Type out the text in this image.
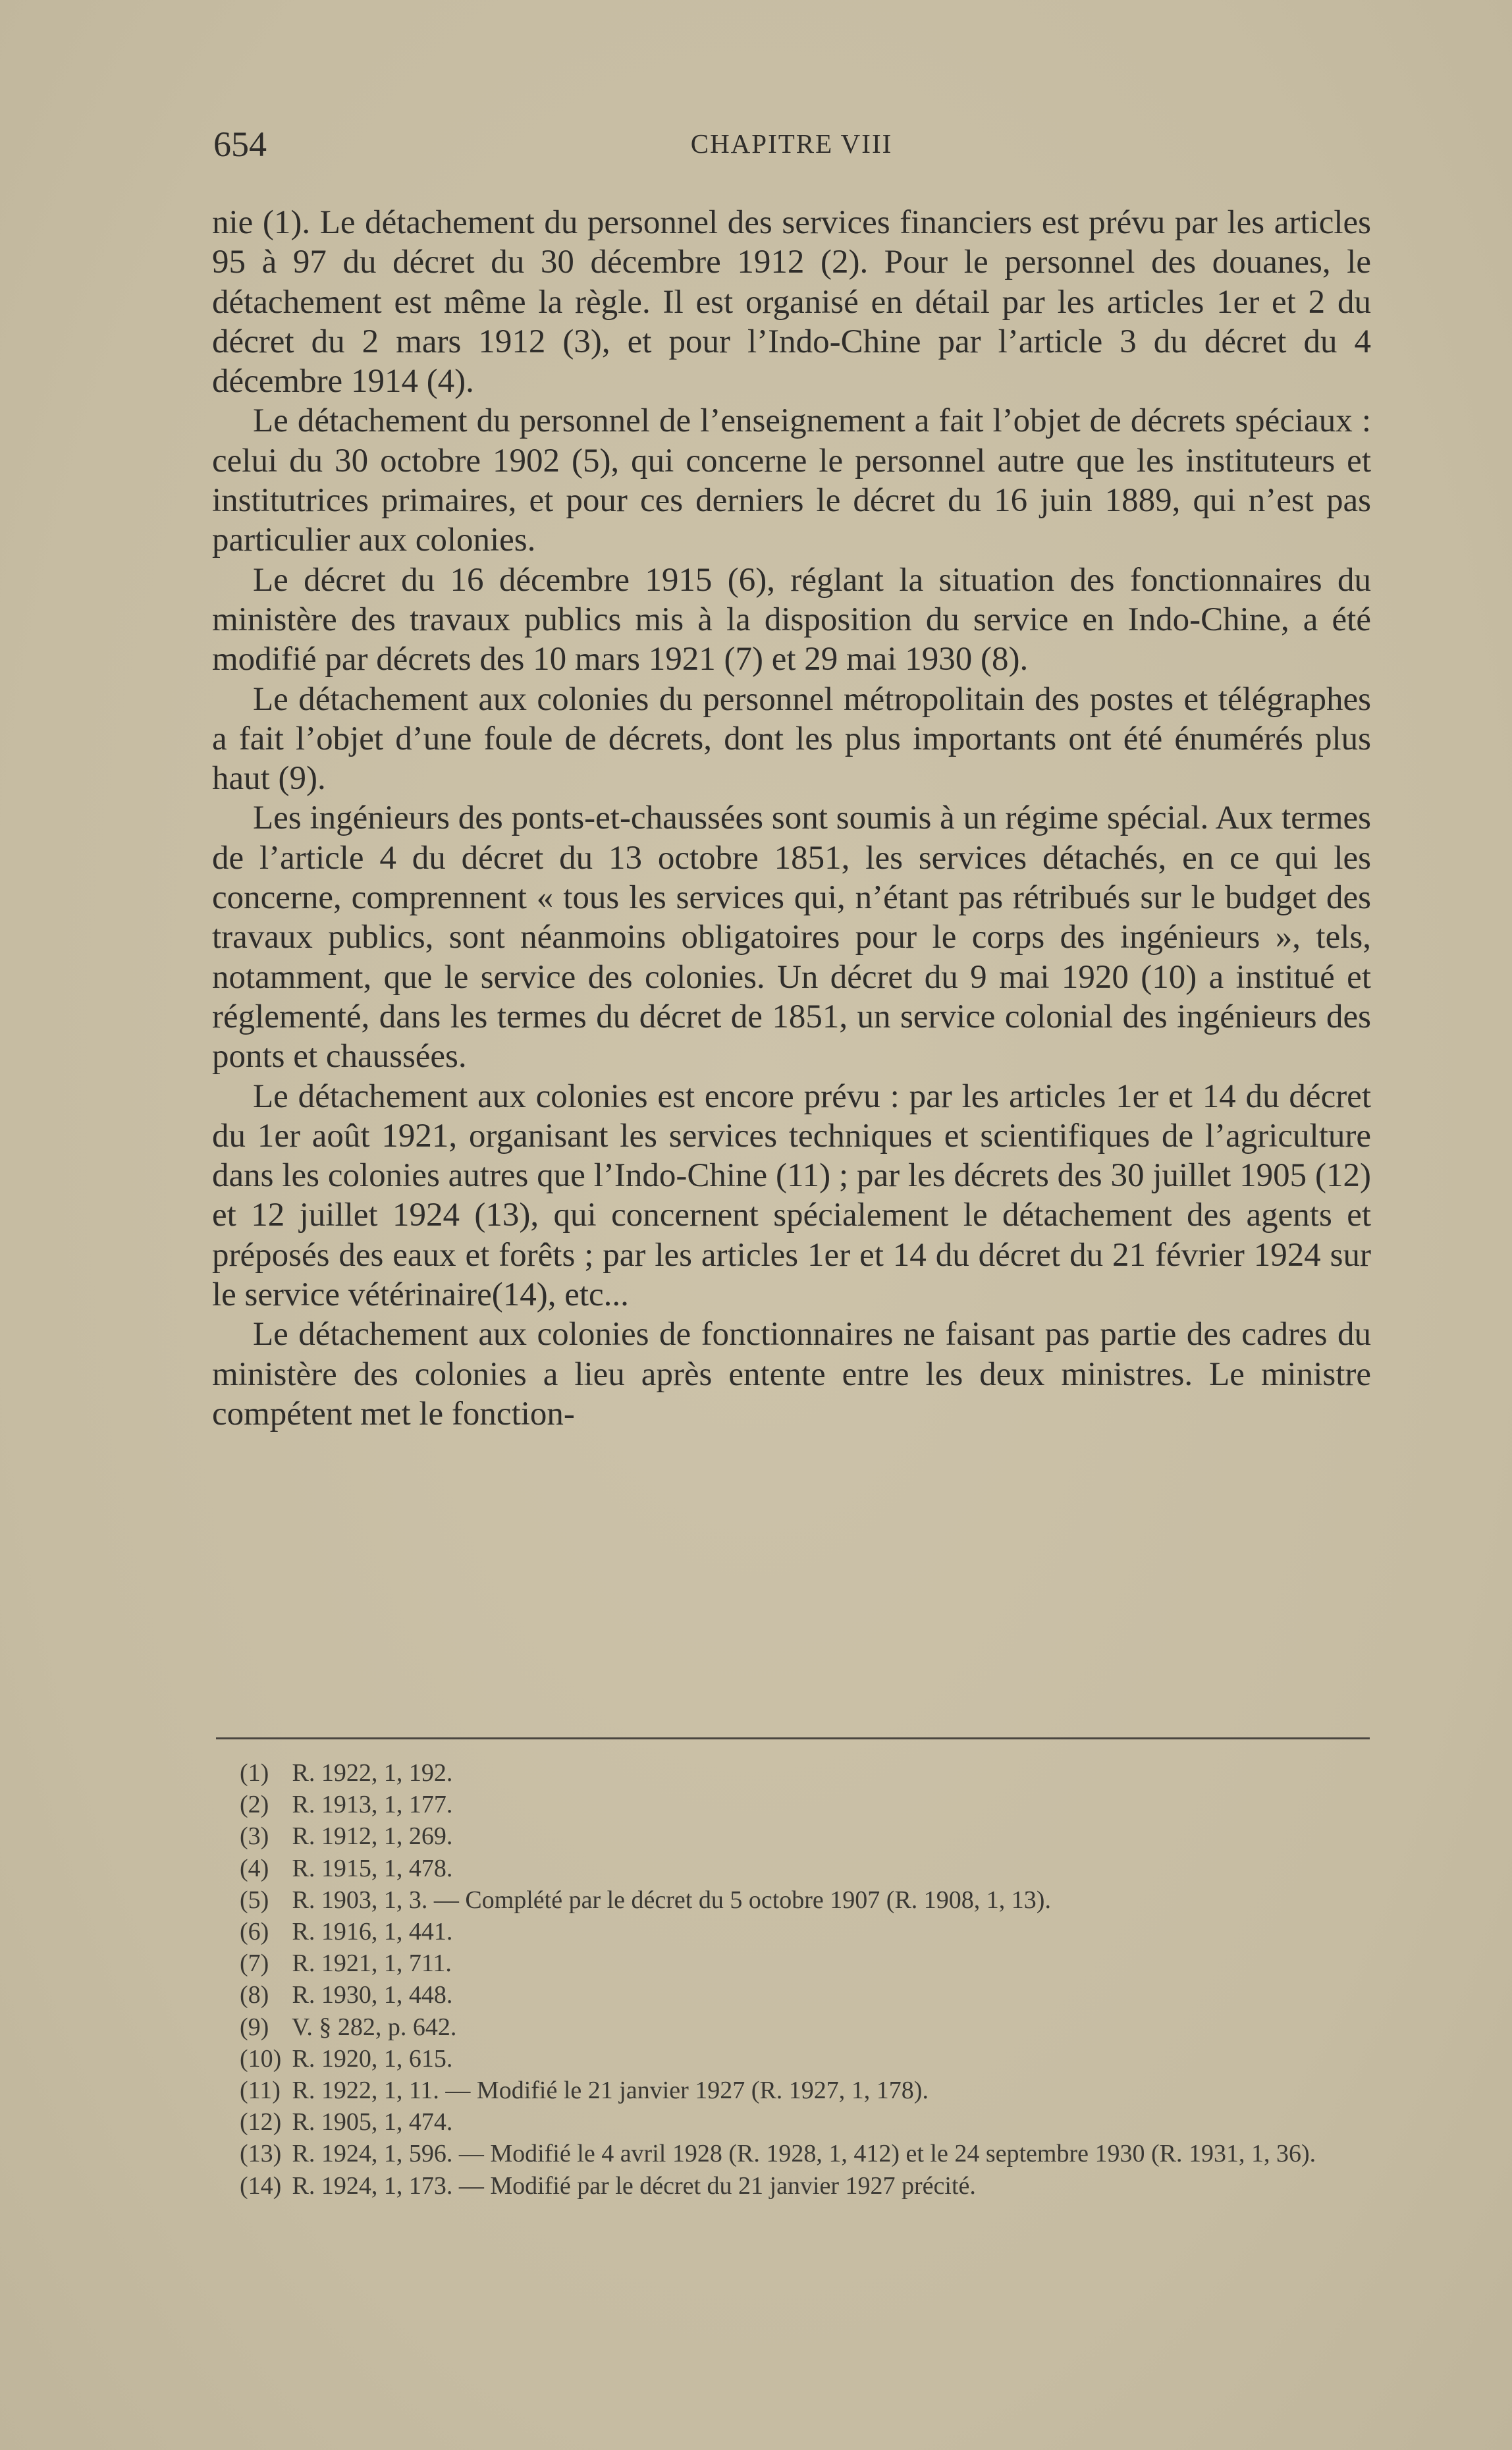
654	CHAPITRE VIII

nie (1). Le détachement du personnel des services financiers est prévu par les articles 95 à 97 du décret du 30 décembre 1912 (2). Pour le personnel des douanes, le détachement est même la règle. Il est organisé en détail par les articles 1er et 2 du décret du 2 mars 1912 (3), et pour l’Indo-Chine par l’article 3 du décret du 4 décembre 1914 (4).

Le détachement du personnel de l’enseignement a fait l’objet de décrets spéciaux : celui du 30 octobre 1902 (5), qui concerne le personnel autre que les instituteurs et institutrices primaires, et pour ces derniers le décret du 16 juin 1889, qui n’est pas particulier aux colonies.

Le décret du 16 décembre 1915 (6), réglant la situation des fonctionnaires du ministère des travaux publics mis à la disposition du service en Indo-Chine, a été modifié par décrets des 10 mars 1921 (7) et 29 mai 1930 (8).

Le détachement aux colonies du personnel métropolitain des postes et télégraphes a fait l’objet d’une foule de décrets, dont les plus importants ont été énumérés plus haut (9).

Les ingénieurs des ponts-et-chaussées sont soumis à un régime spécial. Aux termes de l’article 4 du décret du 13 octobre 1851, les services détachés, en ce qui les concerne, comprennent « tous les services qui, n’étant pas rétribués sur le budget des travaux publics, sont néanmoins obligatoires pour le corps des ingénieurs », tels, notamment, que le service des colonies. Un décret du 9 mai 1920 (10) a institué et réglementé, dans les termes du décret de 1851, un service colonial des ingénieurs des ponts et chaussées.

Le détachement aux colonies est encore prévu : par les articles 1er et 14 du décret du 1er août 1921, organisant les services techniques et scientifiques de l’agriculture dans les colonies autres que l’Indo-Chine (11) ; par les décrets des 30 juillet 1905 (12) et 12 juillet 1924 (13), qui concernent spécialement le détachement des agents et préposés des eaux et forêts ; par les articles 1er et 14 du décret du 21 février 1924 sur le service vétérinaire(14), etc...

Le détachement aux colonies de fonctionnaires ne faisant pas partie des cadres du ministère des colonies a lieu après entente entre les deux ministres. Le ministre compétent met le fonction-

(1) R. 1922, 1, 192.
(2) R. 1913, 1, 177.
(3) R. 1912, 1, 269.
(4) R. 1915, 1, 478.
(5) R. 1903, 1, 3. — Complété par le décret du 5 octobre 1907 (R. 1908, 1, 13).
(6) R. 1916, 1, 441.
(7) R. 1921, 1, 711.
(8) R. 1930, 1, 448.
(9) V. § 282, p. 642.
(10) R. 1920, 1, 615.
(11) R. 1922, 1, 11. — Modifié le 21 janvier 1927 (R. 1927, 1, 178).
(12) R. 1905, 1, 474.
(13) R. 1924, 1, 596. — Modifié le 4 avril 1928 (R. 1928, 1, 412) et le 24 septembre 1930 (R. 1931, 1, 36).
(14) R. 1924, 1, 173. — Modifié par le décret du 21 janvier 1927 précité.
